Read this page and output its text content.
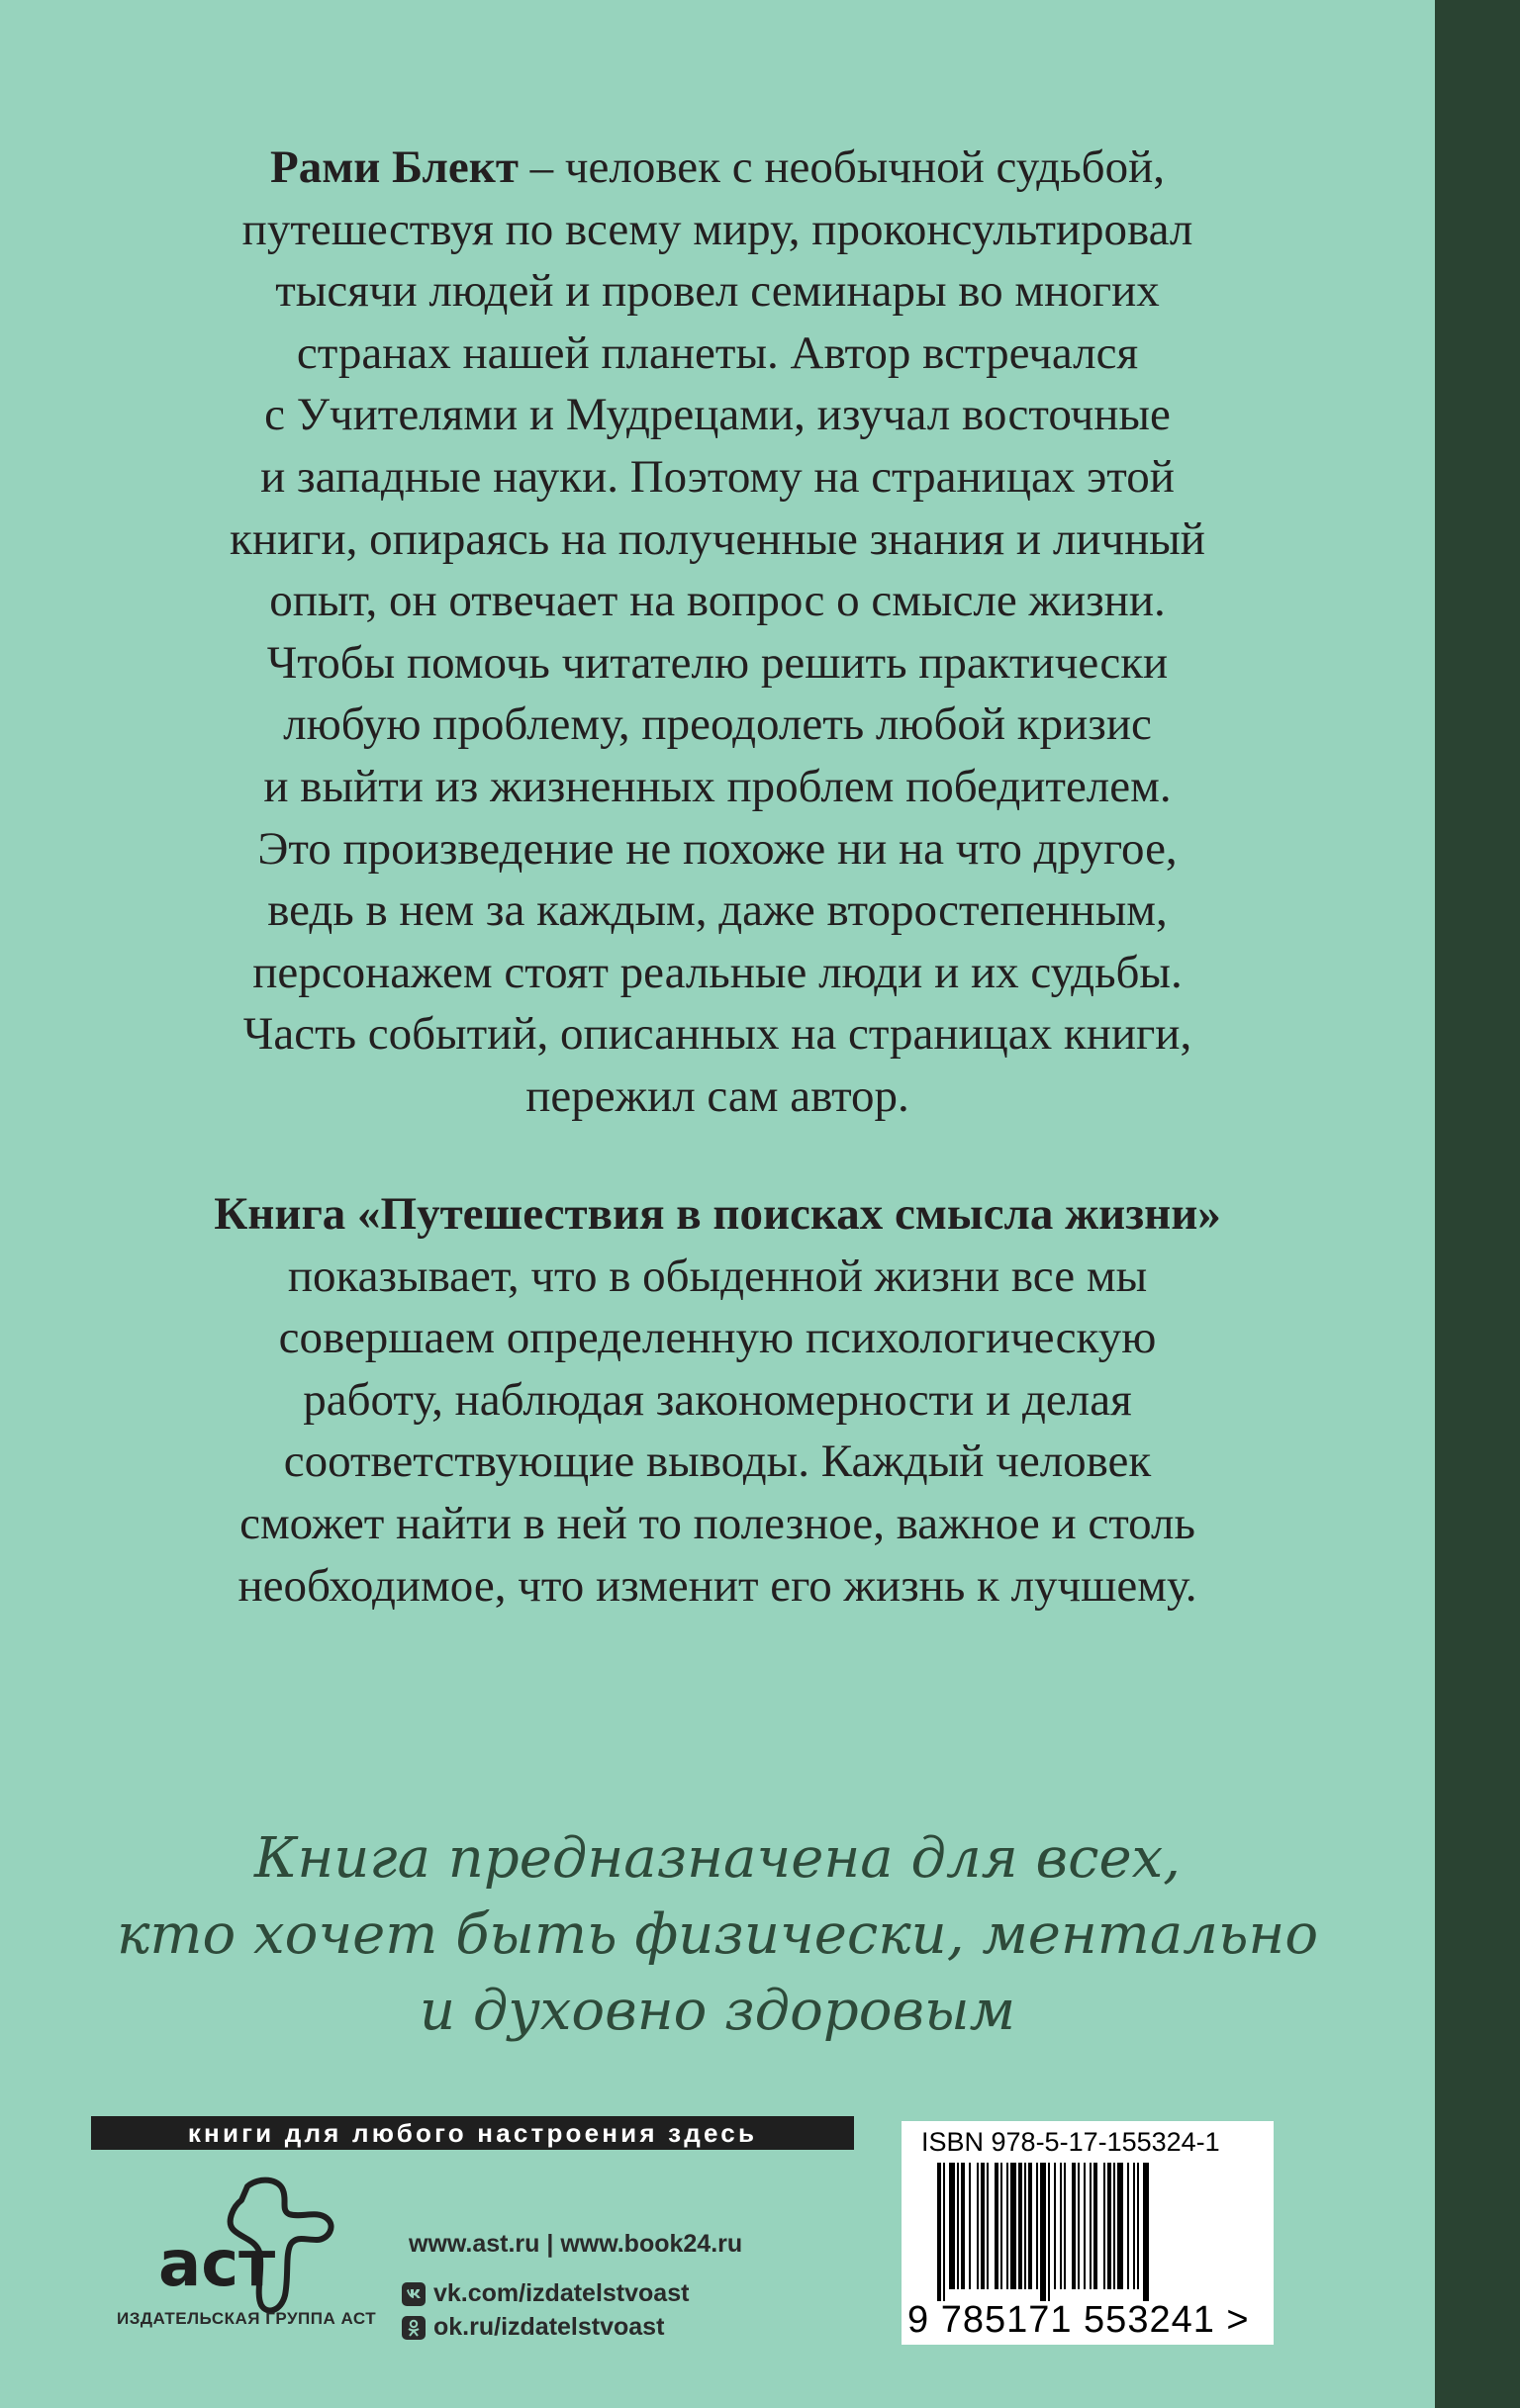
Рами Блект – человек с необычной судьбой,
путешествуя по всему миру, проконсультировал
тысячи людей и провел семинары во многих
странах нашей планеты. Автор встречался
с Учителями и Мудрецами, изучал восточные
и западные науки. Поэтому на страницах этой
книги, опираясь на полученные знания и личный
опыт, он отвечает на вопрос о смысле жизни.
Чтобы помочь читателю решить практически
любую проблему, преодолеть любой кризис
и выйти из жизненных проблем победителем.
Это произведение не похоже ни на что другое,
ведь в нем за каждым, даже второстепенным,
персонажем стоят реальные люди и их судьбы.
Часть событий, описанных на страницах книги,
пережил сам автор.
Книга «Путешествия в поисках смысла жизни»
показывает, что в обыденной жизни все мы
совершаем определенную психологическую
работу, наблюдая закономерности и делая
соответствующие выводы. Каждый человек
сможет найти в ней то полезное, важное и столь
необходимое, что изменит его жизнь к лучшему.
Книга предназначена для всех,
кто хочет быть физически, ментально
и духовно здоровым
книги для любого настроения здесь
аст
ИЗДАТЕЛЬСКАЯ ГРУППА АСТ
www.ast.ru | www.book24.ru
vk.com/izdatelstvoast
ok.ru/izdatelstvoast
ISBN 978-5-17-155324-1
9 785171 553241 >
